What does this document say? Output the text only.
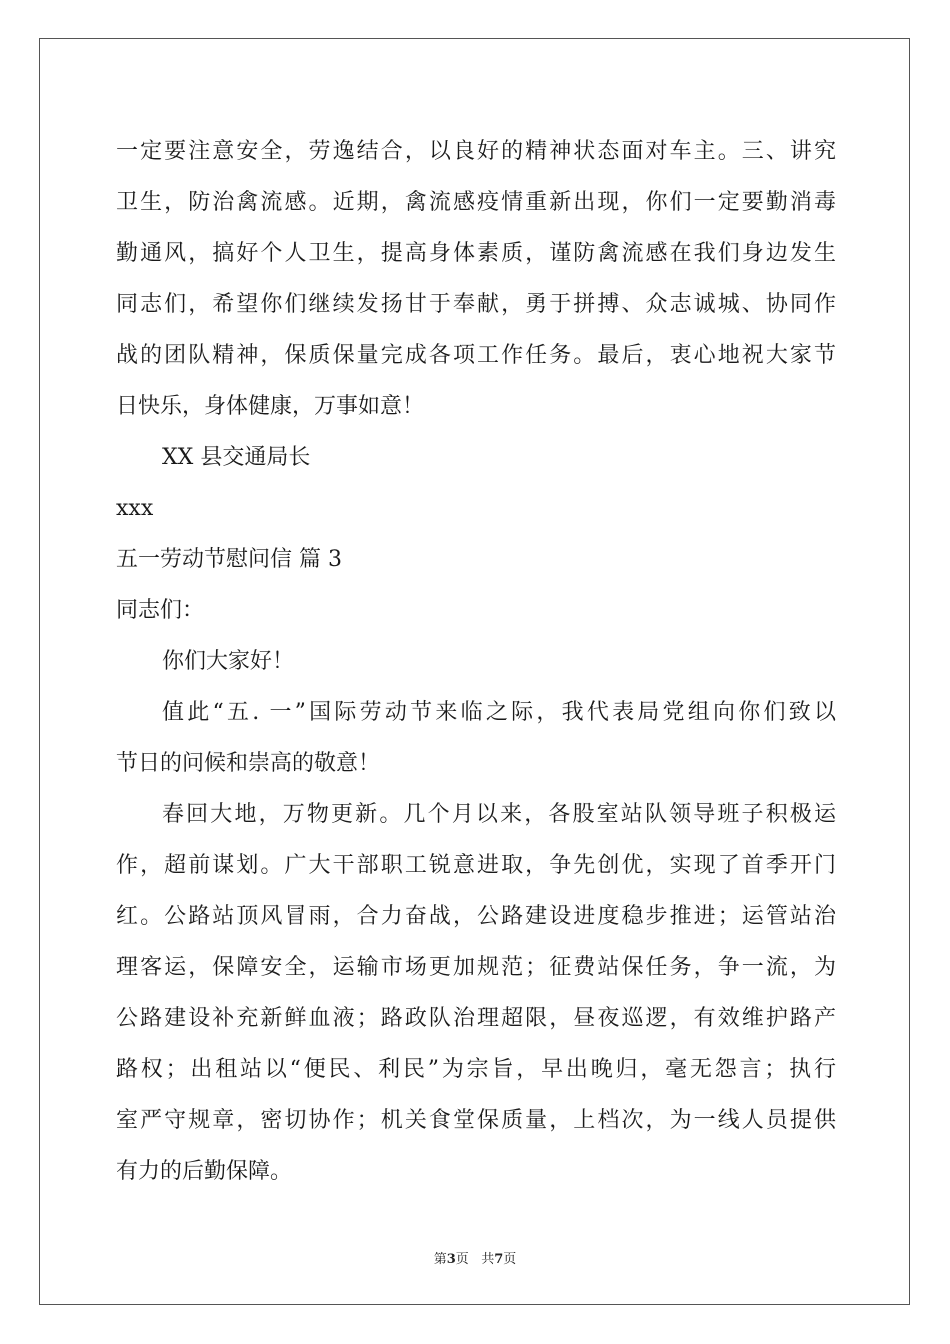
一定要注意安全，劳逸结合，以良好的精神状态面对车主。三、讲究
卫生，防治禽流感。近期，禽流感疫情重新出现，你们一定要勤消毒
勤通风，搞好个人卫生，提高身体素质，谨防禽流感在我们身边发生
同志们，希望你们继续发扬甘于奉献，勇于拼搏、众志诚城、协同作
战的团队精神，保质保量完成各项工作任务。最后，衷心地祝大家节
日快乐，身体健康，万事如意！
XX 县交通局长
xxx
五一劳动节慰问信 篇 3
同志们：
你们大家好！
值此“五. 一”国际劳动节来临之际，我代表局党组向你们致以
节日的问候和崇高的敬意！
春回大地，万物更新。几个月以来，各股室站队领导班子积极运
作，超前谋划。广大干部职工锐意进取，争先创优，实现了首季开门
红。公路站顶风冒雨，合力奋战，公路建设进度稳步推进；运管站治
理客运，保障安全，运输市场更加规范；征费站保任务，争一流，为
公路建设补充新鲜血液；路政队治理超限，昼夜巡逻，有效维护路产
路权；出租站以“便民、利民”为宗旨，早出晚归，毫无怨言；执行
室严守规章，密切协作；机关食堂保质量，上档次，为一线人员提供
有力的后勤保障。
第3页 共7页
